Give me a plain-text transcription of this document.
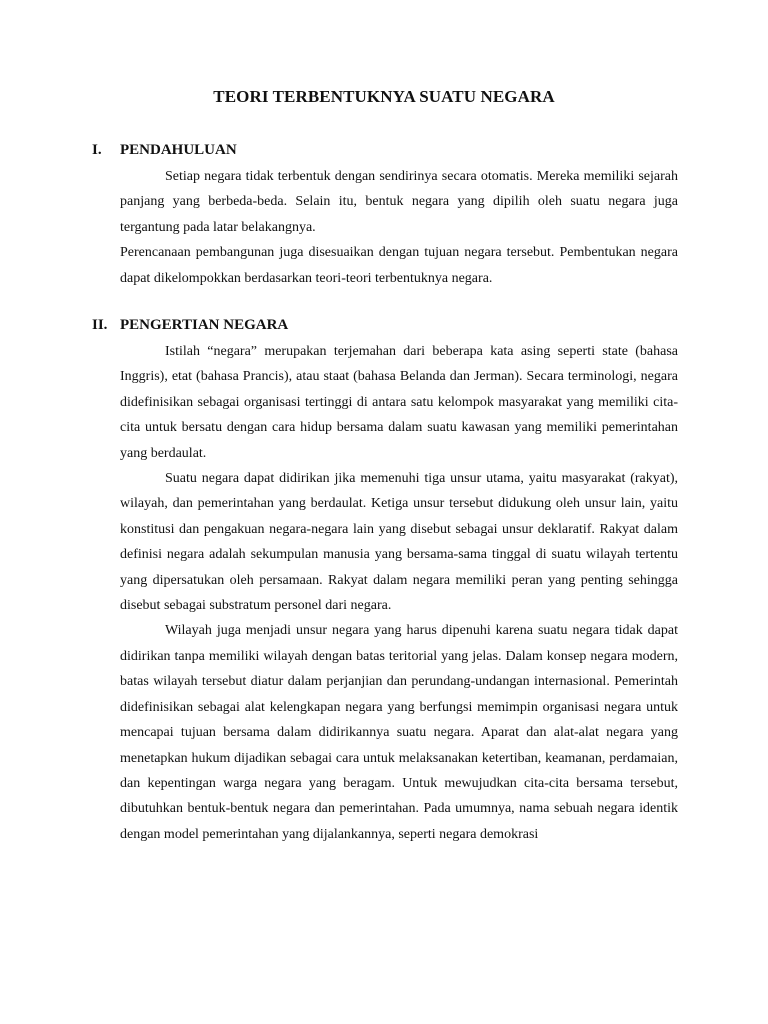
TEORI TERBENTUKNYA SUATU NEGARA
I. PENDAHULUAN

Setiap negara tidak terbentuk dengan sendirinya secara otomatis. Mereka memiliki sejarah panjang yang berbeda-beda. Selain itu, bentuk negara yang dipilih oleh suatu negara juga tergantung pada latar belakangnya.

Perencanaan pembangunan juga disesuaikan dengan tujuan negara tersebut. Pembentukan negara dapat dikelompokkan berdasarkan teori-teori terbentuknya negara.

II. PENGERTIAN NEGARA

Istilah “negara” merupakan terjemahan dari beberapa kata asing seperti state (bahasa Inggris), etat (bahasa Prancis), atau staat (bahasa Belanda dan Jerman). Secara terminologi, negara didefinisikan sebagai organisasi tertinggi di antara satu kelompok masyarakat yang memiliki cita-cita untuk bersatu dengan cara hidup bersama dalam suatu kawasan yang memiliki pemerintahan yang berdaulat.

Suatu negara dapat didirikan jika memenuhi tiga unsur utama, yaitu masyarakat (rakyat), wilayah, dan pemerintahan yang berdaulat. Ketiga unsur tersebut didukung oleh unsur lain, yaitu konstitusi dan pengakuan negara-negara lain yang disebut sebagai unsur deklaratif. Rakyat dalam definisi negara adalah sekumpulan manusia yang bersama-sama tinggal di suatu wilayah tertentu yang dipersatukan oleh persamaan. Rakyat dalam negara memiliki peran yang penting sehingga disebut sebagai substratum personel dari negara.

Wilayah juga menjadi unsur negara yang harus dipenuhi karena suatu negara tidak dapat didirikan tanpa memiliki wilayah dengan batas teritorial yang jelas. Dalam konsep negara modern, batas wilayah tersebut diatur dalam perjanjian dan perundang-undangan internasional. Pemerintah didefinisikan sebagai alat kelengkapan negara yang berfungsi memimpin organisasi negara untuk mencapai tujuan bersama dalam didirikannya suatu negara. Aparat dan alat-alat negara yang menetapkan hukum dijadikan sebagai cara untuk melaksanakan ketertiban, keamanan, perdamaian, dan kepentingan warga negara yang beragam. Untuk mewujudkan cita-cita bersama tersebut, dibutuhkan bentuk-bentuk negara dan pemerintahan. Pada umumnya, nama sebuah negara identik dengan model pemerintahan yang dijalankannya, seperti negara demokrasi
